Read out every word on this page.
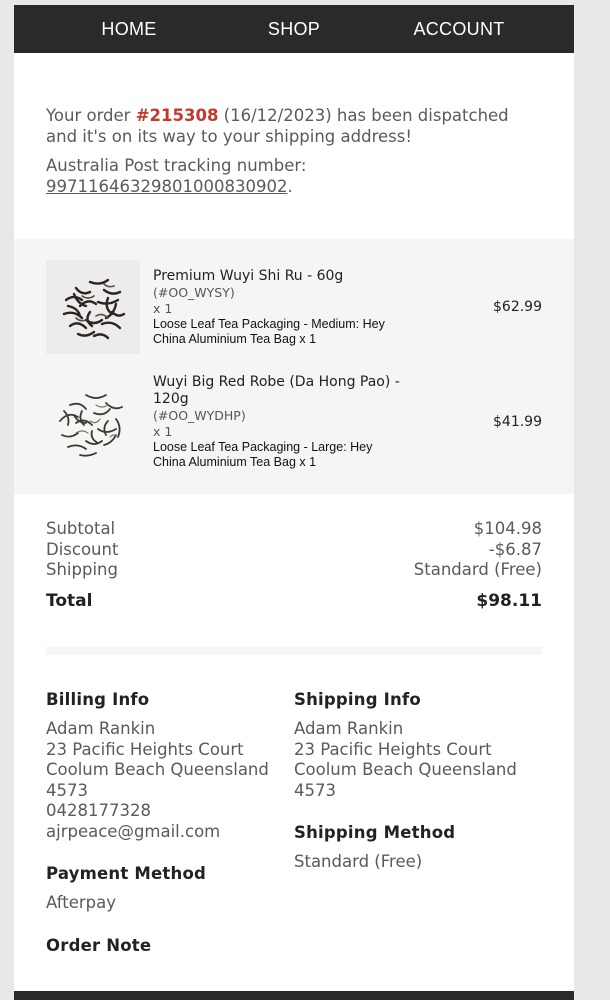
HOME	SHOP	ACCOUNT

Your order #215308 (16/12/2023) has been dispatched and it's on its way to your shipping address!

Australia Post tracking number:
99711646329801000830902.

Premium Wuyi Shi Ru - 60g
(#OO_WYSY)
x 1
Loose Leaf Tea Packaging - Medium: Hey China Aluminium Tea Bag x 1
$62.99
Wuyi Big Red Robe (Da Hong Pao) - 120g
(#OO_WYDHP)
x 1
Loose Leaf Tea Packaging - Large: Hey China Aluminium Tea Bag x 1
$41.99
Subtotal	$104.98
Discount	-$6.87
Shipping	Standard (Free)
Total	$98.11
Billing Info

Adam Rankin

23 Pacific Heights Court

Coolum Beach Queensland

4573

0428177328

ajrpeace@gmail.com

Payment Method

Afterpay

Order Note
Shipping Info

Adam Rankin

23 Pacific Heights Court

Coolum Beach Queensland

4573

Shipping Method

Standard (Free)
